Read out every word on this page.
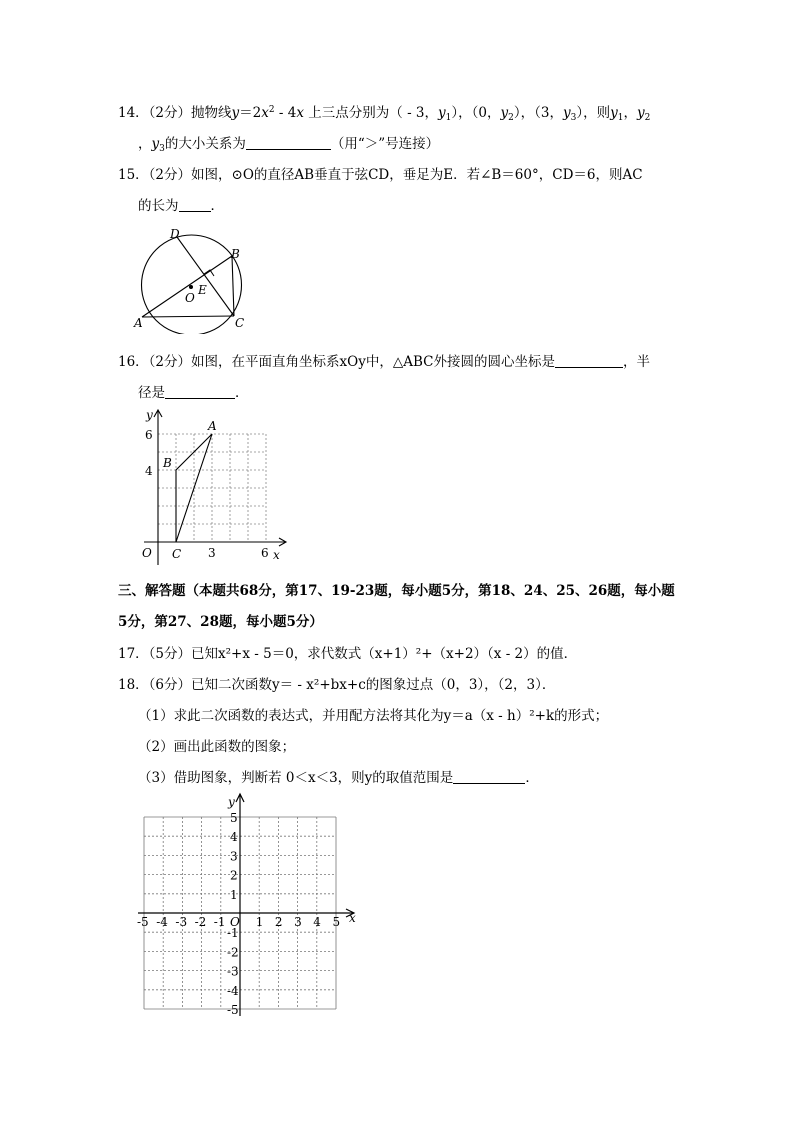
14．（2分）抛物线$y=2x^2 - 4x$ 上三点分别为（ - 3，$y_1$），（0，$y_2$），（3，$y_3$），则$y_1$，$y_2$
，$y_3$的大小关系为	（用“＞”号连接）
15．（2分）如图，⊙O的直径AB垂直于弦CD，垂足为E．若∠B＝60°，CD＝6，则AC
的长为 ．
D
B
E
O
A	C
16．（2分）如图，在平面直角坐标系xOy中，△ABC外接圆的圆心坐标是	，半
径是	．
y
x
O
6
4
3	6
A
B
C
三、解答题（本题共68分，第17、19-23题，每小题5分，第18、24、25、26题，每小题
5分，第27、28题，每小题5分）
17．（5分）已知x²+x - 5＝0，求代数式（x+1）²+（x+2）（x - 2）的值．
18．（6分）已知二次函数y＝ - x²+bx+c的图象过点（0，3），（2，3）．
（1）求此二次函数的表达式，并用配方法将其化为y＝a（x - h）²+k的形式；
（2）画出此函数的图象；
（3）借助图象，判断若 0＜x＜3，则y的取值范围是	．
y
x
O
-5 -4 -3 -2 -1	1 2 3 4 5
5
4
3
2
1
-1
-2
-3
-4
-5
